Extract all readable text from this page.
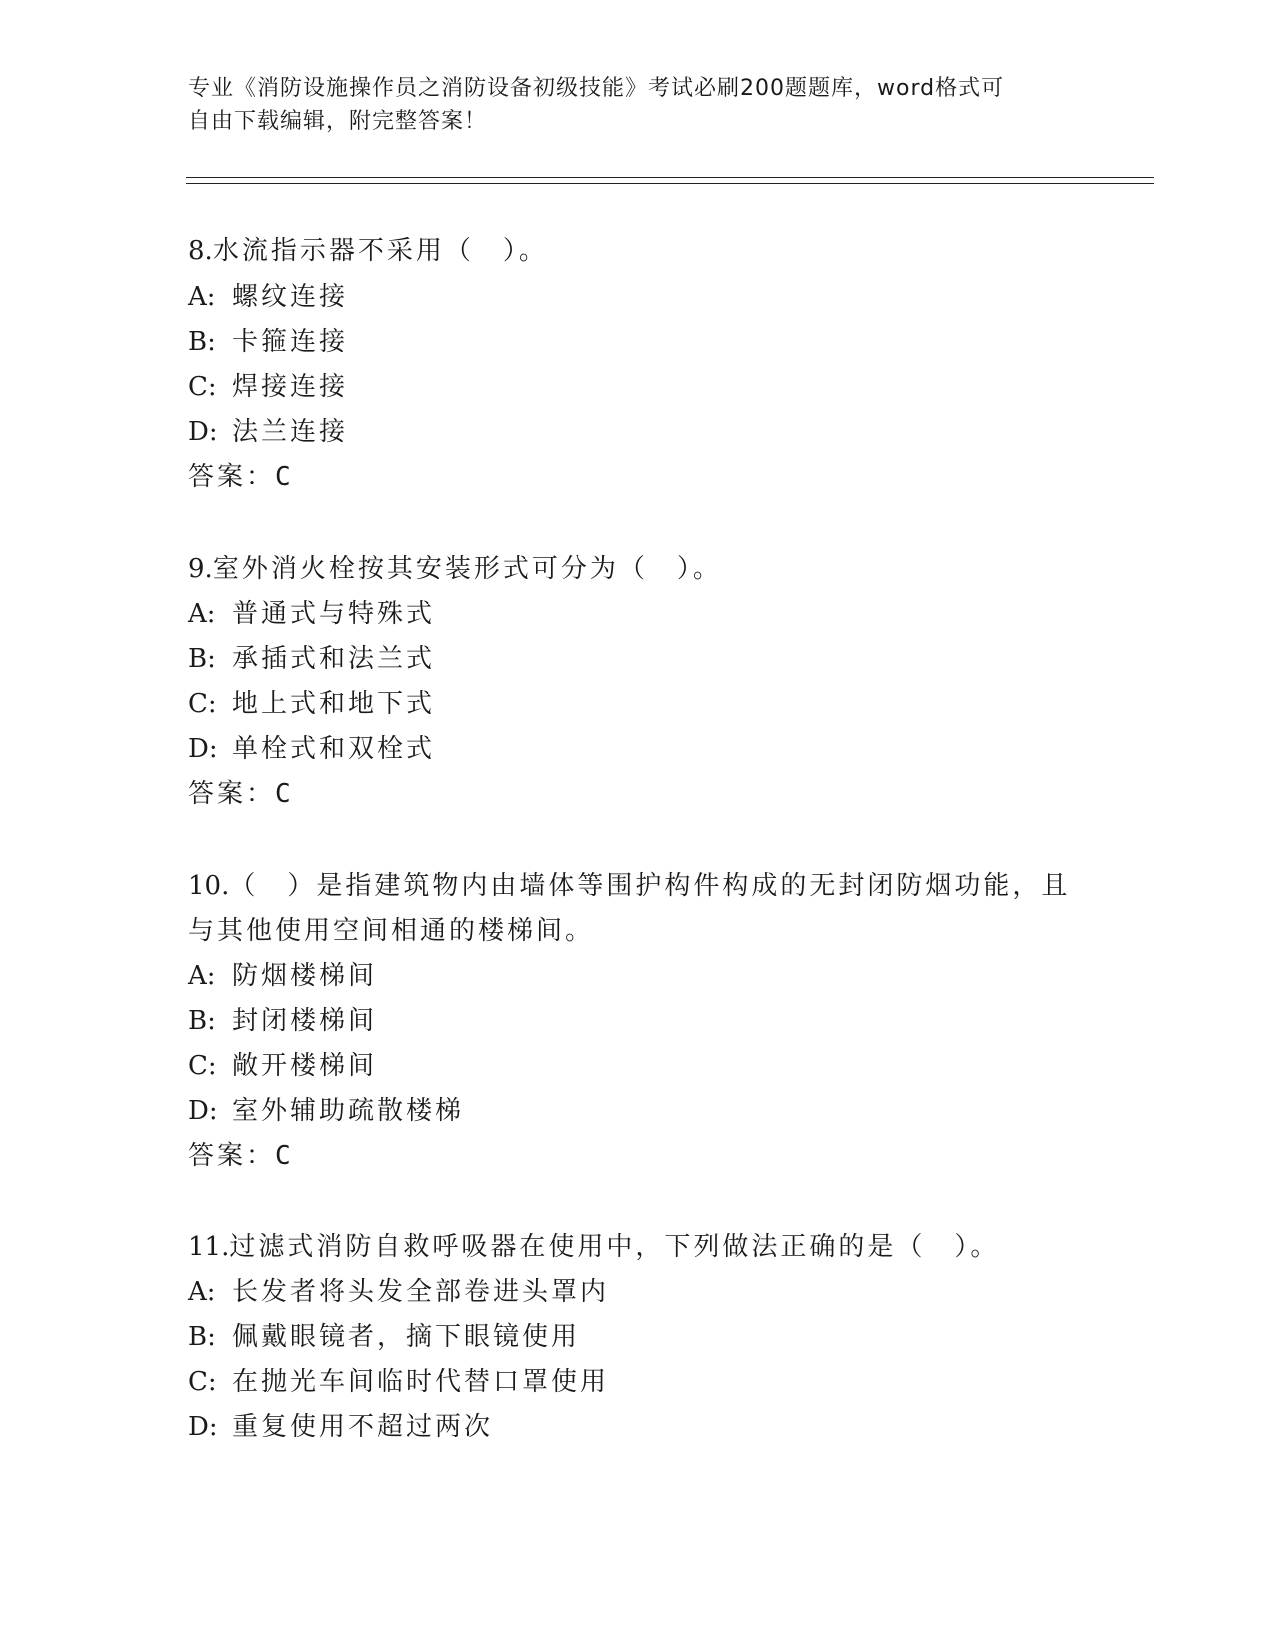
专业《消防设施操作员之消防设备初级技能》考试必刷200题题库，word格式可
自由下载编辑，附完整答案！
8.水流指示器不采用（　）。
A: 螺纹连接
B: 卡箍连接
C: 焊接连接
D: 法兰连接
答案：C
9.室外消火栓按其安装形式可分为（　）。
A: 普通式与特殊式
B: 承插式和法兰式
C: 地上式和地下式
D: 单栓式和双栓式
答案：C
10.（　）是指建筑物内由墙体等围护构件构成的无封闭防烟功能，且
与其他使用空间相通的楼梯间。
A: 防烟楼梯间
B: 封闭楼梯间
C: 敞开楼梯间
D: 室外辅助疏散楼梯
答案：C
11.过滤式消防自救呼吸器在使用中，下列做法正确的是（　）。
A: 长发者将头发全部卷进头罩内
B: 佩戴眼镜者，摘下眼镜使用
C: 在抛光车间临时代替口罩使用
D: 重复使用不超过两次
